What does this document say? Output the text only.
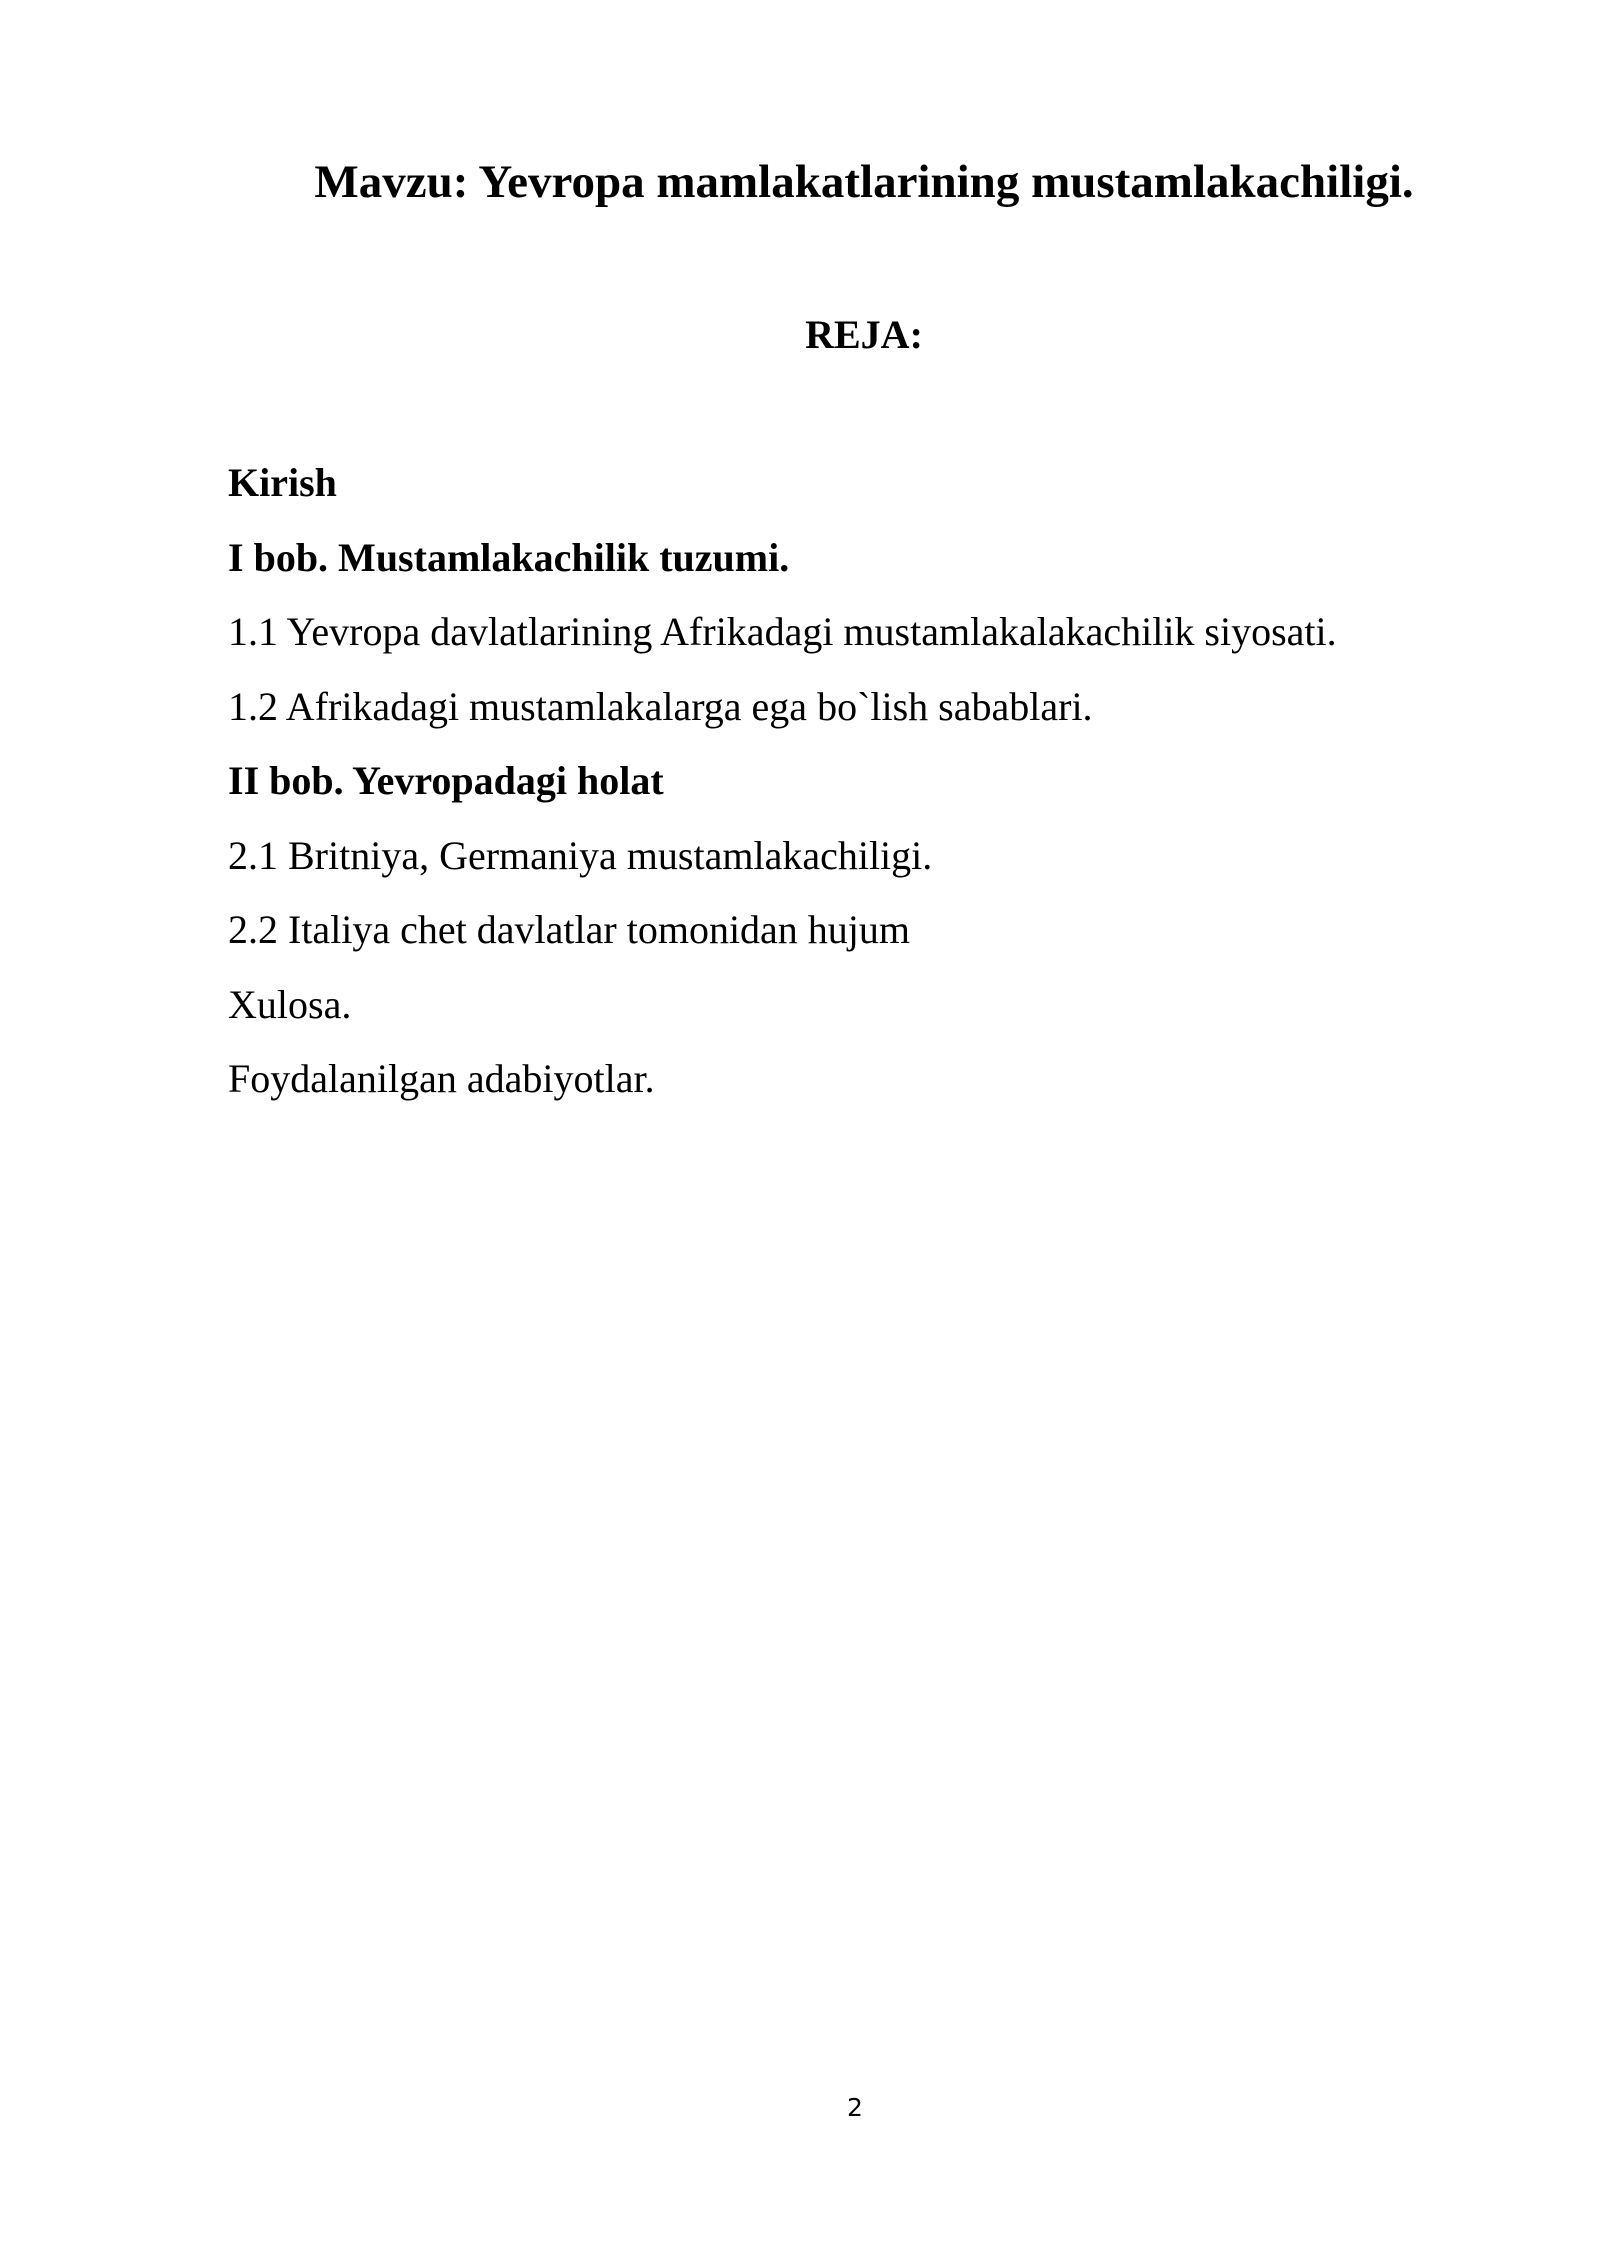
Mavzu: Yevropa mamlakatlarining mustamlakachiligi.
REJA:
Kirish
I bob. Mustamlakachilik tuzumi.
1.1 Yevropa davlatlarining Afrikadagi mustamlakalakachilik siyosati.
1.2 Afrikadagi mustamlakalarga ega bo`lish sabablari.
II bob. Yevropadagi holat
2.1 Britniya, Germaniya mustamlakachiligi.
2.2 Italiya chet davlatlar tomonidan hujum
Xulosa.
Foydalanilgan adabiyotlar.
2
